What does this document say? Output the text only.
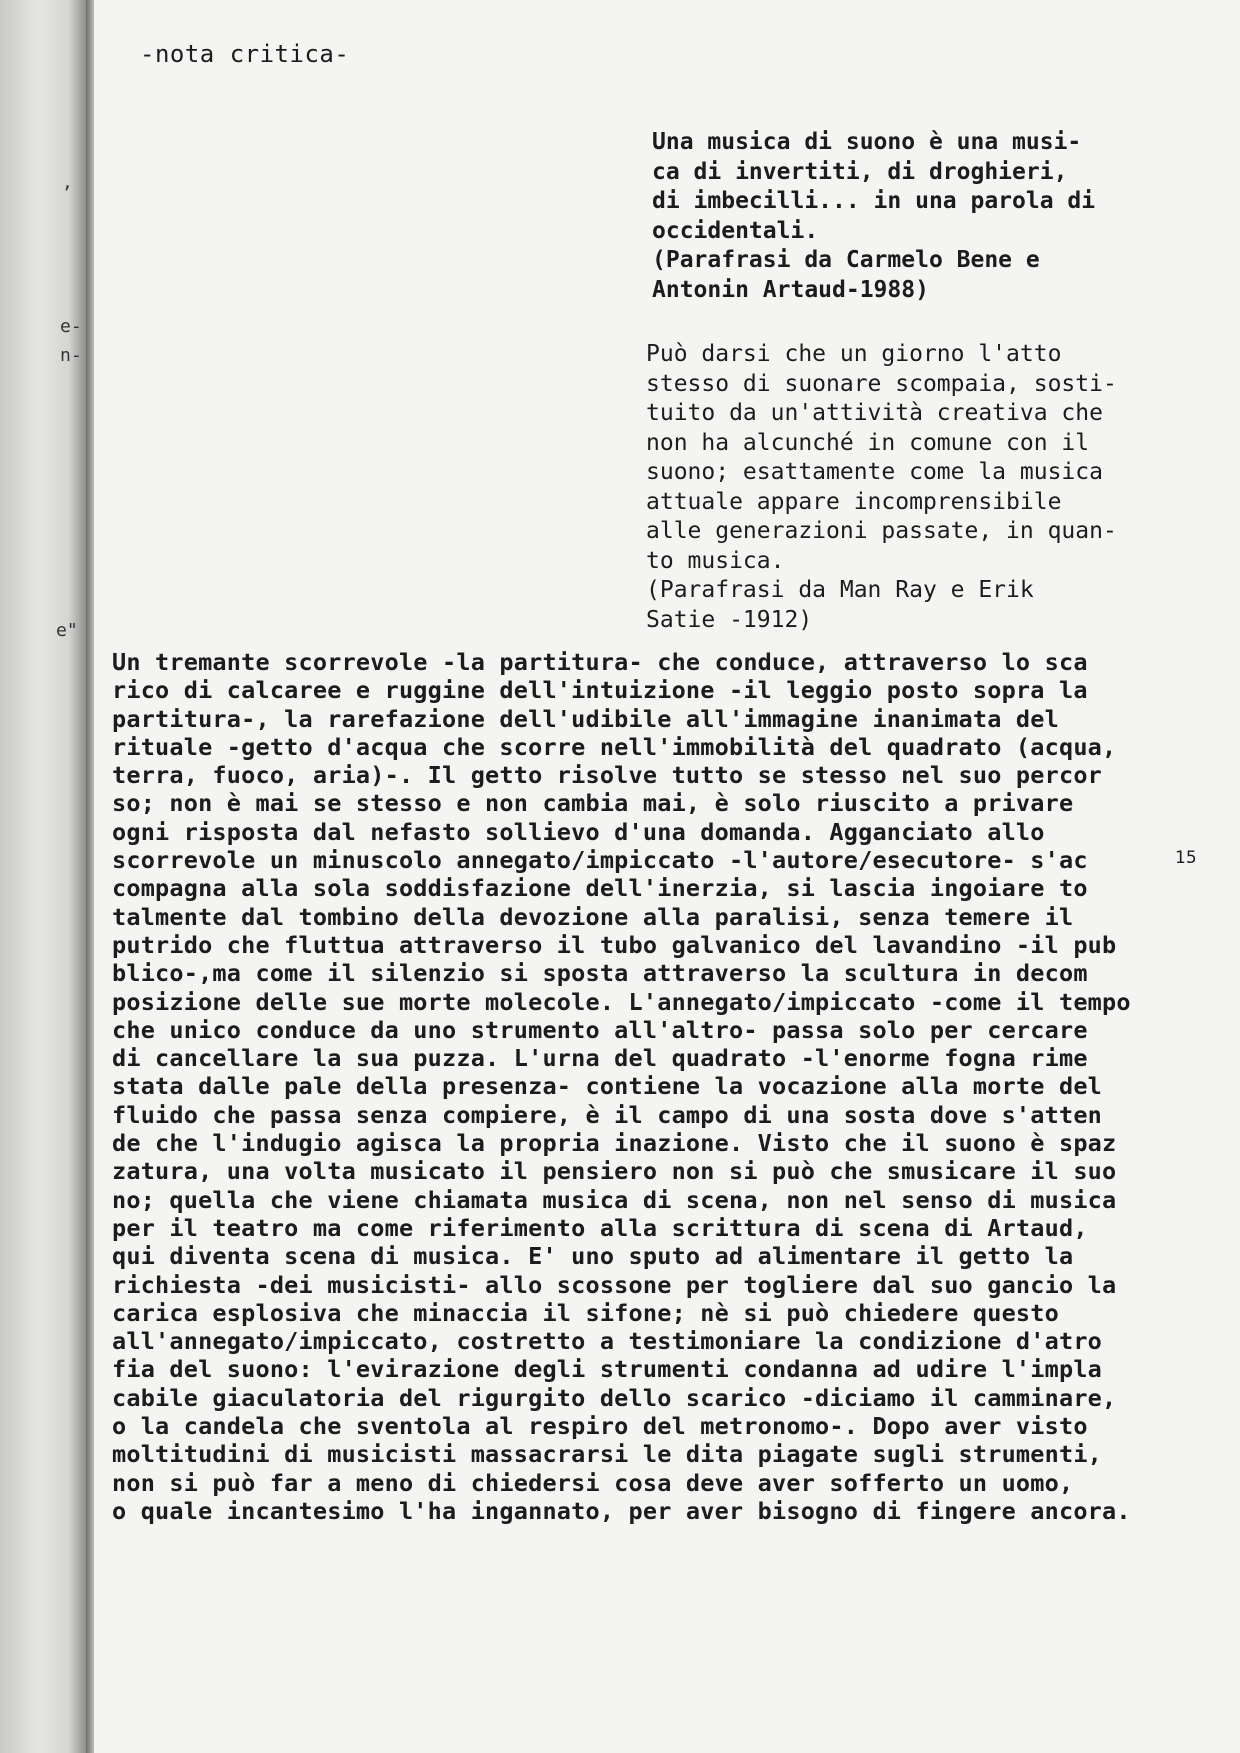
,
e-
n-
e"
-nota critica-
Una musica di suono è una musi-
ca di invertiti, di droghieri,
di imbecilli... in una parola di
occidentali.
(Parafrasi da Carmelo Bene e
Antonin Artaud-1988)
Può darsi che un giorno l'atto
stesso di suonare scompaia, sosti-
tuito da un'attività creativa che
non ha alcunché in comune con il
suono; esattamente come la musica
attuale appare incomprensibile
alle generazioni passate, in quan-
to musica.
(Parafrasi da Man Ray e Erik
Satie -1912)
15
Un tremante scorrevole -la partitura- che conduce, attraverso lo sca
rico di calcaree e ruggine dell'intuizione -il leggio posto sopra la
partitura-, la rarefazione dell'udibile all'immagine inanimata del
rituale -getto d'acqua che scorre nell'immobilità del quadrato (acqua,
terra, fuoco, aria)-. Il getto risolve tutto se stesso nel suo percor
so; non è mai se stesso e non cambia mai, è solo riuscito a privare
ogni risposta dal nefasto sollievo d'una domanda. Agganciato allo
scorrevole un minuscolo annegato/impiccato -l'autore/esecutore- s'ac
compagna alla sola soddisfazione dell'inerzia, si lascia ingoiare to
talmente dal tombino della devozione alla paralisi, senza temere il
putrido che fluttua attraverso il tubo galvanico del lavandino -il pub
blico-,ma come il silenzio si sposta attraverso la scultura in decom
posizione delle sue morte molecole. L'annegato/impiccato -come il tempo
che unico conduce da uno strumento all'altro- passa solo per cercare
di cancellare la sua puzza. L'urna del quadrato -l'enorme fogna rime
stata dalle pale della presenza- contiene la vocazione alla morte del
fluido che passa senza compiere, è il campo di una sosta dove s'atten
de che l'indugio agisca la propria inazione. Visto che il suono è spaz
zatura, una volta musicato il pensiero non si può che smusicare il suo
no; quella che viene chiamata musica di scena, non nel senso di musica
per il teatro ma come riferimento alla scrittura di scena di Artaud,
qui diventa scena di musica. E' uno sputo ad alimentare il getto la
richiesta -dei musicisti- allo scossone per togliere dal suo gancio la
carica esplosiva che minaccia il sifone; nè si può chiedere questo
all'annegato/impiccato, costretto a testimoniare la condizione d'atro
fia del suono: l'evirazione degli strumenti condanna ad udire l'impla
cabile giaculatoria del rigurgito dello scarico -diciamo il camminare,
o la candela che sventola al respiro del metronomo-. Dopo aver visto
moltitudini di musicisti massacrarsi le dita piagate sugli strumenti,
non si può far a meno di chiedersi cosa deve aver sofferto un uomo,
o quale incantesimo l'ha ingannato, per aver bisogno di fingere ancora.
